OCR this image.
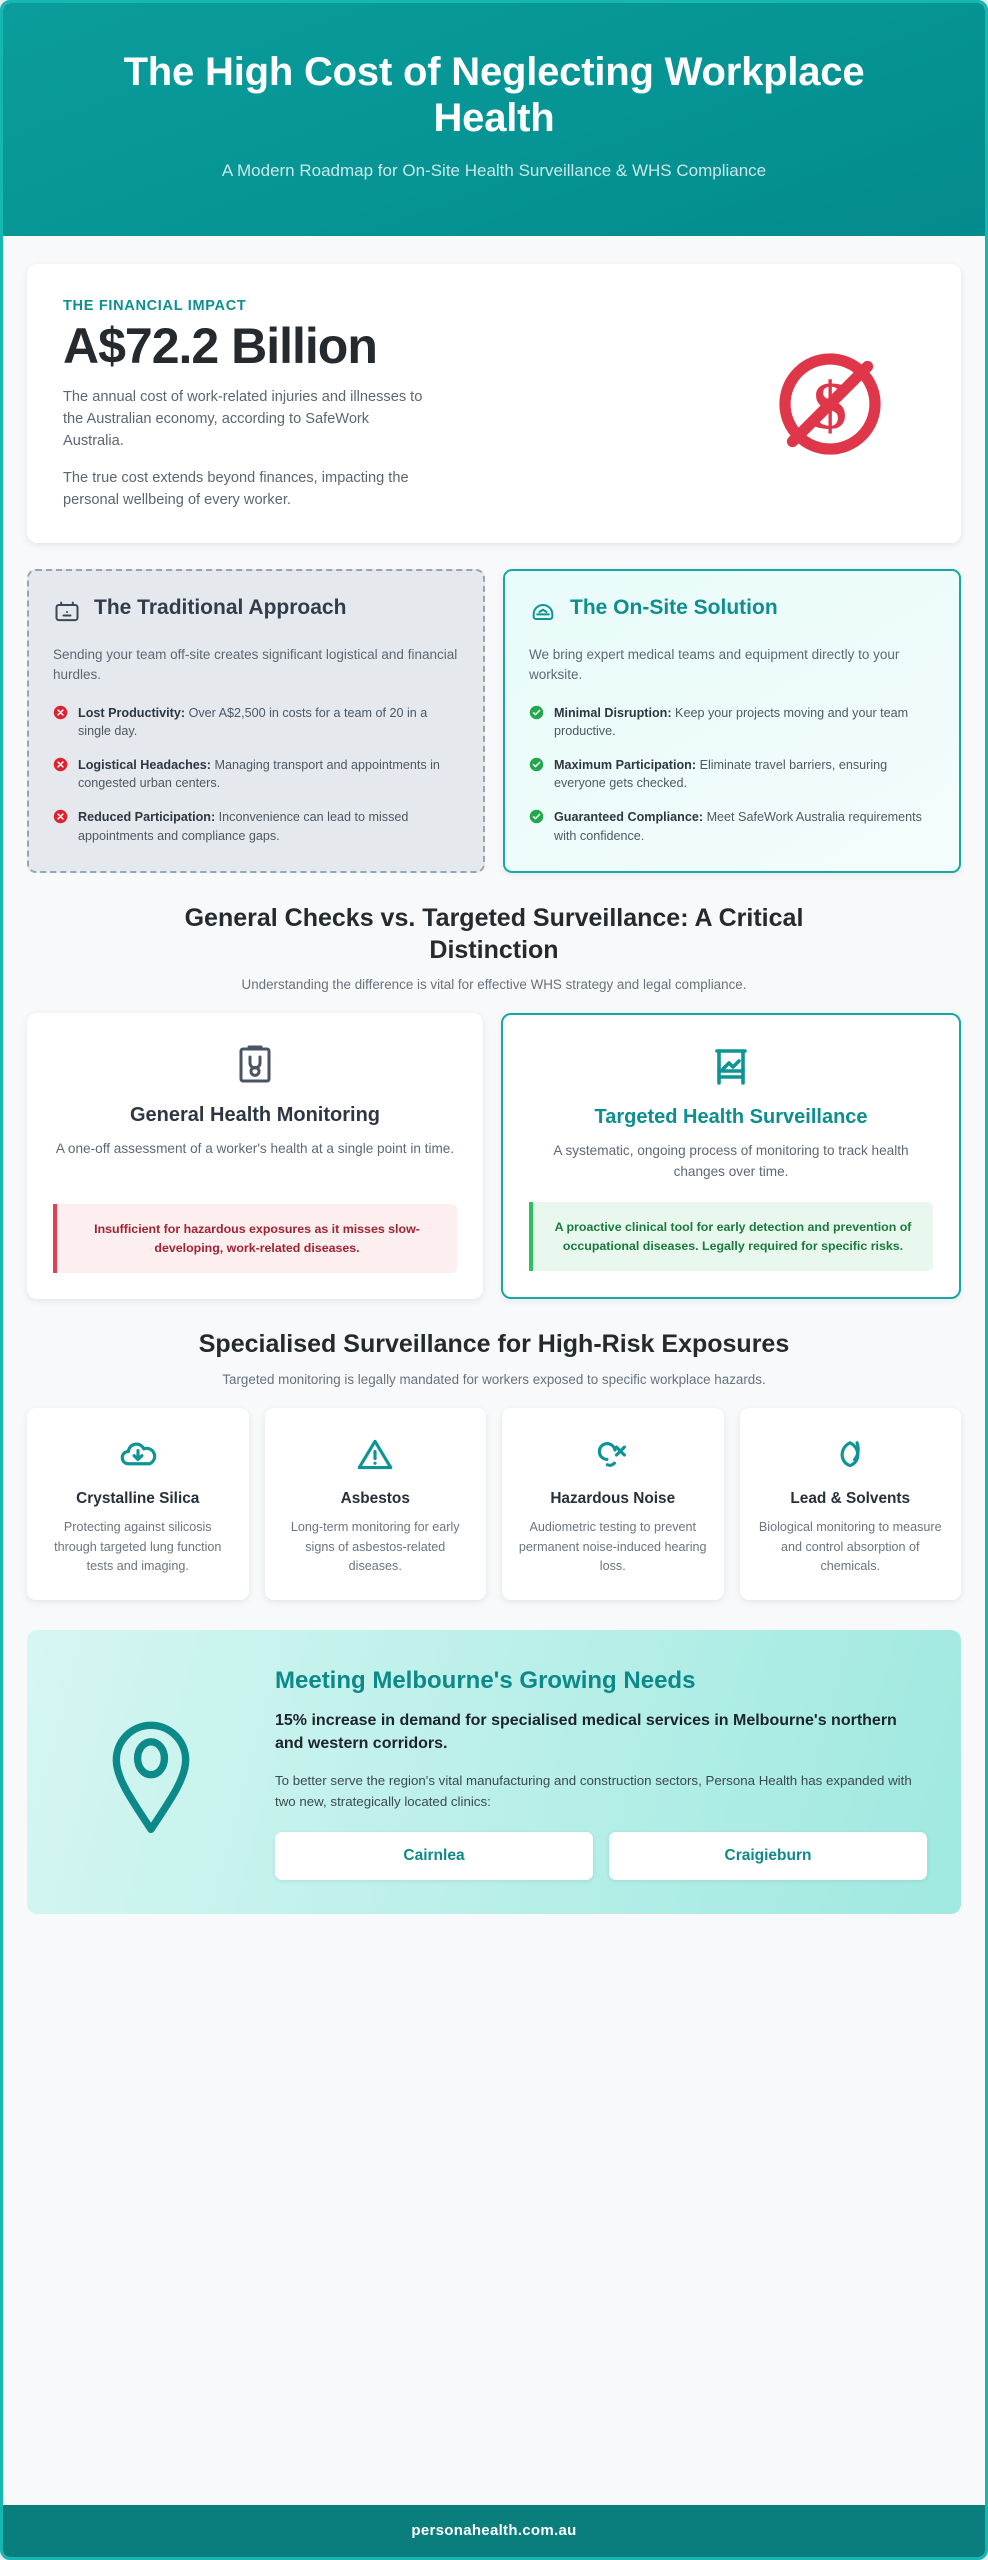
The High Cost of Neglecting Workplace Health

A Modern Roadmap for On-Site Health Surveillance & WHS Compliance

THE FINANCIAL IMPACT

A$72.2 Billion

The annual cost of work-related injuries and illnesses to the Australian economy, according to SafeWork Australia.

The true cost extends beyond finances, impacting the personal wellbeing of every worker.

$
The Traditional Approach

Sending your team off-site creates significant logistical and financial hurdles.

Lost Productivity: Over A$2,500 in costs for a team of 20 in a single day.
Logistical Headaches: Managing transport and appointments in congested urban centers.
Reduced Participation: Inconvenience can lead to missed appointments and compliance gaps.
The On-Site Solution

We bring expert medical teams and equipment directly to your worksite.

Minimal Disruption: Keep your projects moving and your team productive.
Maximum Participation: Eliminate travel barriers, ensuring everyone gets checked.
Guaranteed Compliance: Meet SafeWork Australia requirements with confidence.
General Checks vs. Targeted Surveillance: A Critical Distinction

Understanding the difference is vital for effective WHS strategy and legal compliance.

General Health Monitoring

A one-off assessment of a worker's health at a single point in time.

Insufficient for hazardous exposures as it misses slow-developing, work-related diseases.
Targeted Health Surveillance

A systematic, ongoing process of monitoring to track health changes over time.

A proactive clinical tool for early detection and prevention of occupational diseases. Legally required for specific risks.
Specialised Surveillance for High-Risk Exposures

Targeted monitoring is legally mandated for workers exposed to specific workplace hazards.

Crystalline Silica

Protecting against silicosis through targeted lung function tests and imaging.

Asbestos

Long-term monitoring for early signs of asbestos-related diseases.

Hazardous Noise

Audiometric testing to prevent permanent noise-induced hearing loss.

Lead & Solvents

Biological monitoring to measure and control absorption of chemicals.

Meeting Melbourne's Growing Needs

15% increase in demand for specialised medical services in Melbourne's northern and western corridors.

To better serve the region's vital manufacturing and construction sectors, Persona Health has expanded with two new, strategically located clinics:

Cairnlea	Craigieburn
personahealth.com.au
